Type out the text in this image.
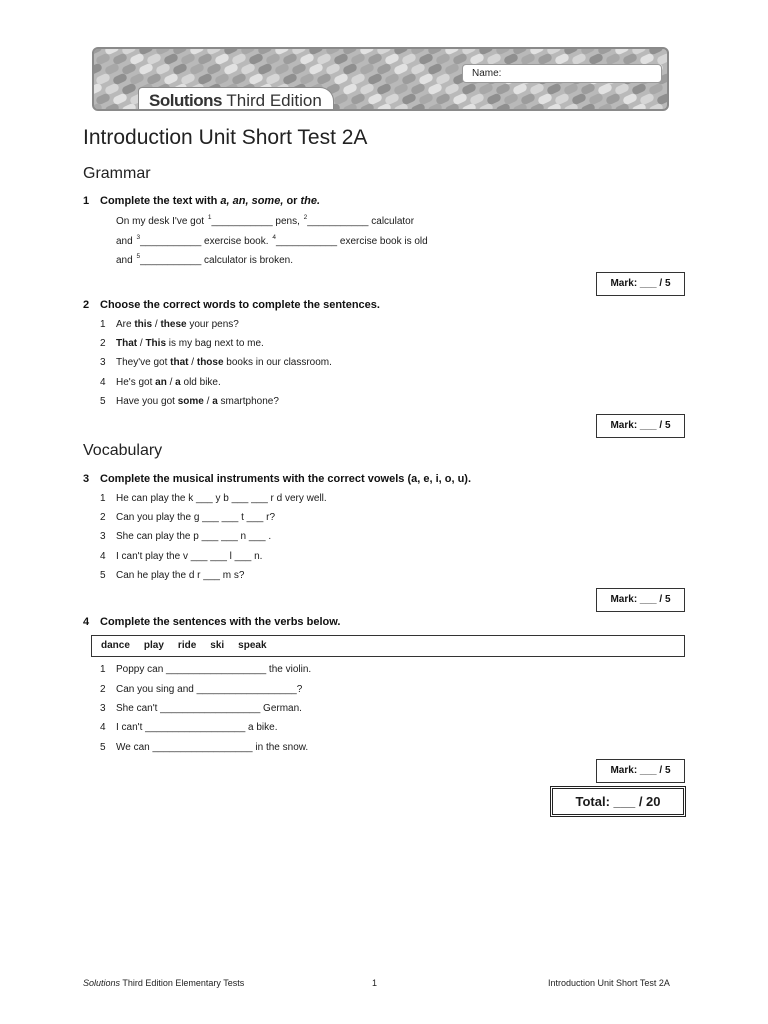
Solutions Third Edition
Name:
Introduction Unit Short Test 2A
Grammar
1 Complete the text with a, an, some, or the.
On my desk I've got $^1$___________ pens, $^2$___________ calculator
and $^3$___________ exercise book. $^4$___________ exercise book is old
and $^5$___________ calculator is broken.
Mark: ___ / 5
2 Choose the correct words to complete the sentences.
1 Are this / these your pens?
2 That / This is my bag next to me.
3 They've got that / those books in our classroom.
4 He's got an / a old bike.
5 Have you got some / a smartphone?
Mark: ___ / 5
Vocabulary
3 Complete the musical instruments with the correct vowels (a, e, i, o, u).
1 He can play the k ___ y b ___ ___ r d very well.
2 Can you play the g ___ ___ t ___ r?
3 She can play the p ___ ___ n ___ .
4 I can't play the v ___ ___ l ___ n.
5 Can he play the d r ___ m s?
Mark: ___ / 5
4 Complete the sentences with the verbs below.
dance play ride ski speak
1 Poppy can __________________ the violin.
2 Can you sing and __________________?
3 She can't __________________ German.
4 I can't __________________ a bike.
5 We can __________________ in the snow.
Mark: ___ / 5
Total: ___ / 20
Solutions Third Edition Elementary Tests	1	Introduction Unit Short Test 2A
